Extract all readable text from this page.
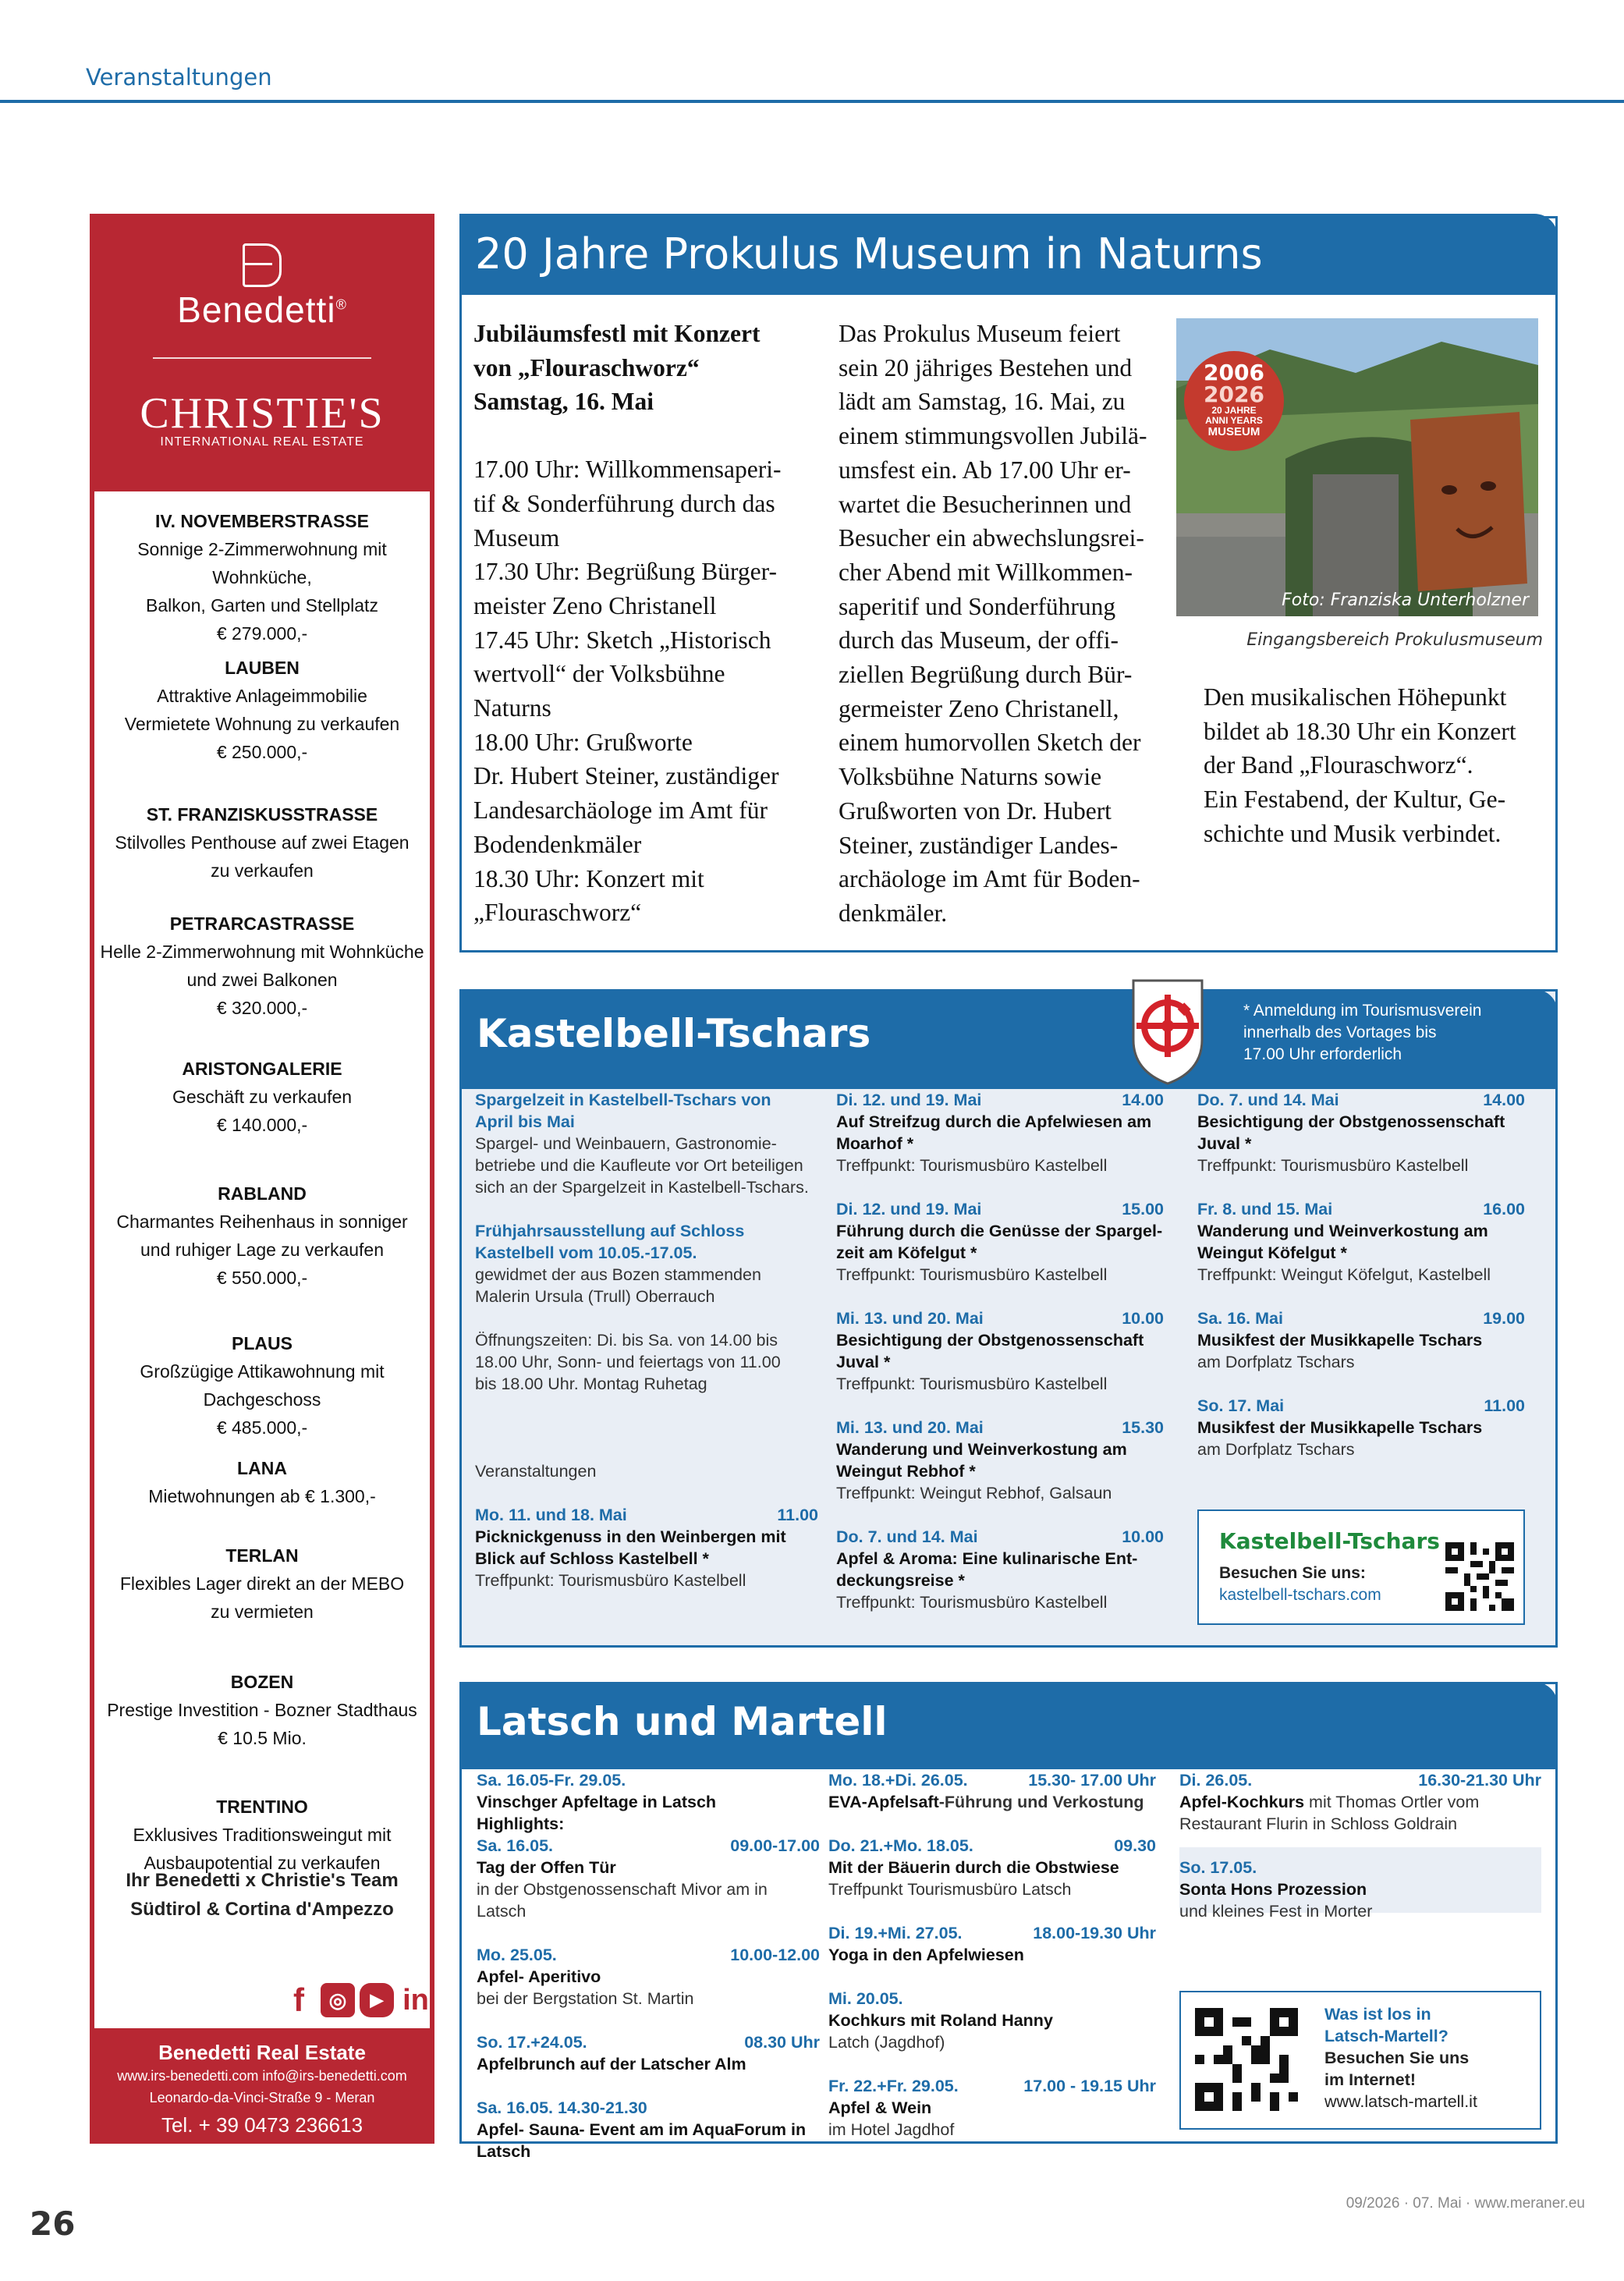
Veranstaltungen
Benedetti®
CHRISTIE'S
INTERNATIONAL REAL ESTATE
IV. NOVEMBERSTRASSE
Sonnige 2-Zimmerwohnung mit Wohnküche,
Balkon, Garten und Stellplatz
€ 279.000,-
LAUBEN
Attraktive Anlageimmobilie
Vermietete Wohnung zu verkaufen
€ 250.000,-
ST. FRANZISKUSSTRASSE
Stilvolles Penthouse auf zwei Etagen
zu verkaufen
PETRARCASTRASSE
Helle 2-Zimmerwohnung mit Wohnküche
und zwei Balkonen
€ 320.000,-
ARISTONGALERIE
Geschäft zu verkaufen
€ 140.000,-
RABLAND
Charmantes Reihenhaus in sonniger
und ruhiger Lage zu verkaufen
€ 550.000,-
PLAUS
Großzügige Attikawohnung mit Dachgeschoss
€ 485.000,-
LANA
Mietwohnungen ab € 1.300,-
TERLAN
Flexibles Lager direkt an der MEBO
zu vermieten
BOZEN
Prestige Investition - Bozner Stadthaus
€ 10.5 Mio.
TRENTINO
Exklusives Traditionsweingut mit
Ausbaupotential zu verkaufen
Ihr Benedetti x Christie's Team
Südtirol & Cortina d'Ampezzo
f	◎	▶ in
Benedetti Real Estate
www.irs-benedetti.com info@irs-benedetti.com
Leonardo-da-Vinci-Straße 9 - Meran
Tel. + 39 0473 236613
20 Jahre Prokulus Museum in Naturns
Jubiläumsfestl mit Konzert
von „Flouraschworz“
Samstag, 16. Mai
17.00 Uhr: Willkommensaperi-
tif & Sonderführung durch das
Museum
17.30 Uhr: Begrüßung Bürger-
meister Zeno Christanell
17.45 Uhr: Sketch „Historisch
wertvoll“ der Volksbühne
Naturns
18.00 Uhr: Grußworte
Dr. Hubert Steiner, zuständiger
Landesarchäologe im Amt für
Bodendenkmäler
18.30 Uhr: Konzert mit
„Flouraschworz“
Das Prokulus Museum feiert
sein 20 jähriges Bestehen und
lädt am Samstag, 16. Mai, zu
einem stimmungsvollen Jubilä-
umsfest ein. Ab 17.00 Uhr er-
wartet die Besucherinnen und
Besucher ein abwechslungsrei-
cher Abend mit Willkommen-
saperitif und Sonderführung
durch das Museum, der offi-
ziellen Begrüßung durch Bür-
germeister Zeno Christanell,
einem humorvollen Sketch der
Volksbühne Naturns sowie
Grußworten von Dr. Hubert
Steiner, zuständiger Landes-
archäologe im Amt für Boden-
denkmäler.
2006
2026
20 JAHRE
ANNI YEARS
MUSEUM
Foto: Franziska Unterholzner
Eingangsbereich Prokulusmuseum
Den musikalischen Höhepunkt
bildet ab 18.30 Uhr ein Konzert
der Band „Flouraschworz“.
Ein Festabend, der Kultur, Ge-
schichte und Musik verbindet.
Kastelbell-Tschars
* Anmeldung im Tourismusverein
innerhalb des Vortages bis
17.00 Uhr erforderlich
Spargelzeit in Kastelbell-Tschars von
April bis Mai
Spargel- und Weinbauern, Gastronomie-
betriebe und die Kaufleute vor Ort beteiligen
sich an der Spargelzeit in Kastelbell-Tschars.
Frühjahrsausstellung auf Schloss
Kastelbell vom 10.05.-17.05.
gewidmet der aus Bozen stammenden
Malerin Ursula (Trull) Oberrauch
Öffnungszeiten: Di. bis Sa. von 14.00 bis
18.00 Uhr, Sonn- und feiertags von 11.00
bis 18.00 Uhr. Montag Ruhetag
Veranstaltungen
Mo. 11. und 18. Mai	11.00
Picknickgenuss in den Weinbergen mit
Blick auf Schloss Kastelbell *
Treffpunkt: Tourismusbüro Kastelbell
Di. 12. und 19. Mai	14.00
Auf Streifzug durch die Apfelwiesen am
Moarhof *
Treffpunkt: Tourismusbüro Kastelbell
Di. 12. und 19. Mai	15.00
Führung durch die Genüsse der Spargel-
zeit am Köfelgut *
Treffpunkt: Tourismusbüro Kastelbell
Mi. 13. und 20. Mai	10.00
Besichtigung der Obstgenossenschaft
Juval *
Treffpunkt: Tourismusbüro Kastelbell
Mi. 13. und 20. Mai	15.30
Wanderung und Weinverkostung am
Weingut Rebhof *
Treffpunkt: Weingut Rebhof, Galsaun
Do. 7. und 14. Mai	10.00
Apfel & Aroma: Eine kulinarische Ent-
deckungsreise *
Treffpunkt: Tourismusbüro Kastelbell
Do. 7. und 14. Mai	14.00
Besichtigung der Obstgenossenschaft
Juval *
Treffpunkt: Tourismusbüro Kastelbell
Fr. 8. und 15. Mai	16.00
Wanderung und Weinverkostung am
Weingut Köfelgut *
Treffpunkt: Weingut Köfelgut, Kastelbell
Sa. 16. Mai	19.00
Musikfest der Musikkapelle Tschars
am Dorfplatz Tschars
So. 17. Mai	11.00
Musikfest der Musikkapelle Tschars
am Dorfplatz Tschars
Kastelbell-Tschars
Besuchen Sie uns:
kastelbell-tschars.com
Latsch und Martell
Sa. 16.05-Fr. 29.05.
Vinschger Apfeltage in Latsch
Highlights:
Sa. 16.05.	09.00-17.00
Tag der Offen Tür
in der Obstgenossenschaft Mivor am in Latsch
Mo. 25.05.	10.00-12.00
Apfel- Aperitivo
bei der Bergstation St. Martin
So. 17.+24.05.	08.30 Uhr
Apfelbrunch auf der Latscher Alm
Sa. 16.05. 14.30-21.30
Apfel- Sauna- Event am im AquaForum in
Latsch
Mo. 18.+Di. 26.05.	15.30- 17.00 Uhr
EVA-Apfelsaft-Führung und Verkostung
Do. 21.+Mo. 18.05.	09.30
Mit der Bäuerin durch die Obstwiese
Treffpunkt Tourismusbüro Latsch
Di. 19.+Mi. 27.05.	18.00-19.30 Uhr
Yoga in den Apfelwiesen
Mi. 20.05.
Kochkurs mit Roland Hanny
Latch (Jagdhof)
Fr. 22.+Fr. 29.05.	17.00 - 19.15 Uhr
Apfel & Wein
im Hotel Jagdhof
Di. 26.05.	16.30-21.30 Uhr
Apfel-Kochkurs mit Thomas Ortler vom
Restaurant Flurin in Schloss Goldrain
So. 17.05.
Sonta Hons Prozession
und kleines Fest in Morter
Was ist los in
Latsch-Martell?
Besuchen Sie uns
im Internet!
www.latsch-martell.it
26
09/2026 · 07. Mai · www.meraner.eu
